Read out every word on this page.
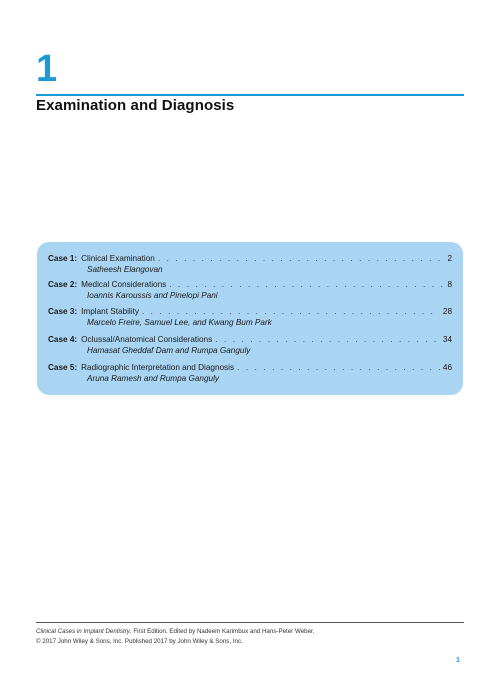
1
Examination and Diagnosis
Case 1: Clinical Examination . . .	2
Satheesh Elangovan
Case 2: Medical Considerations . . .	8
Ioannis Karoussis and Pinelopi Pani
Case 3: Implant Stability . . .	28
Marcelo Freire, Samuel Lee, and Kwang Bum Park
Case 4: Oclussal/Anatomical Considerations . . .	34
Hamasat Gheddaf Dam and Rumpa Ganguly
Case 5: Radiographic Interpretation and Diagnosis . . .	46
Aruna Ramesh and Rumpa Ganguly
Clinical Cases in Implant Dentistry, First Edition. Edited by Nadeem Karimbux and Hans-Peter Weber.
© 2017 John Wiley & Sons, Inc. Published 2017 by John Wiley & Sons, Inc.
1
